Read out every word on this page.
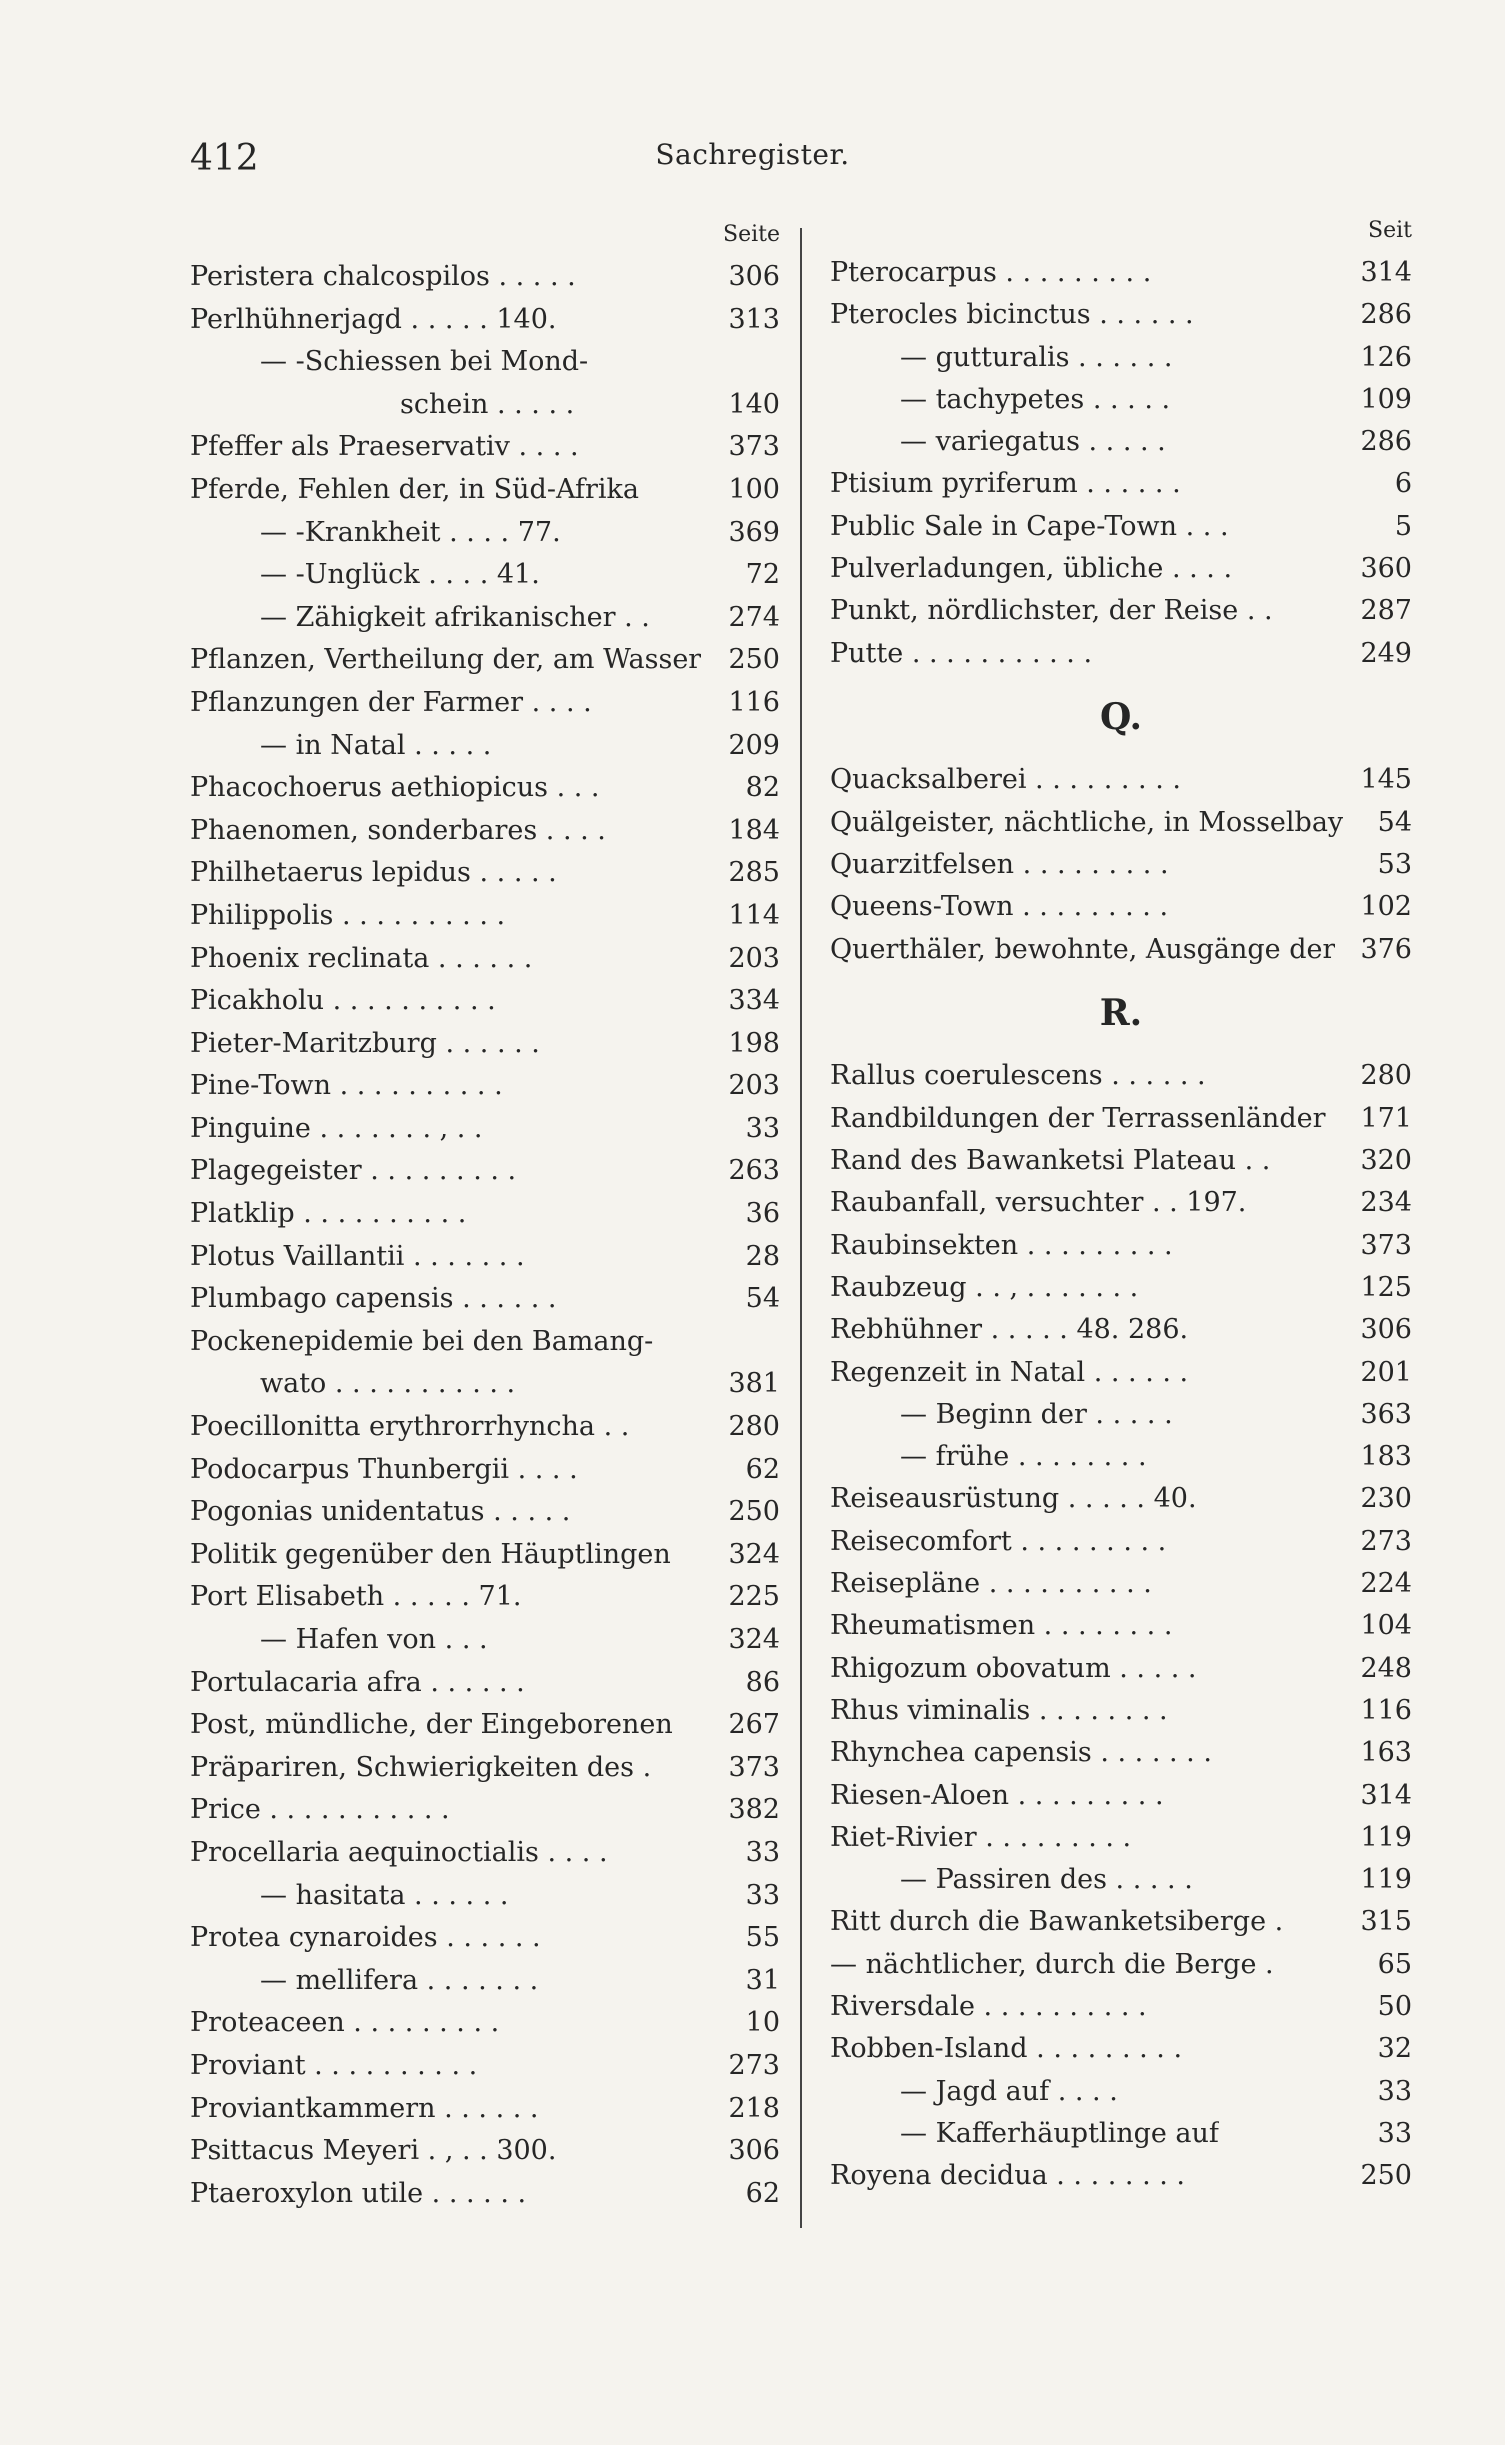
412	Sachregister.
Seite
Peristera chalcospilos . . . . .	306
Perlhühnerjagd . . . . . 140.	313
— -Schiessen bei Mond-
schein . . . . .	140
Pfeffer als Praeservativ . . . .	373
Pferde, Fehlen der, in Süd-Afrika	100
— -Krankheit . . . . 77.	369
— -Unglück . . . . 41.	72
— Zähigkeit afrikanischer . .	274
Pflanzen, Vertheilung der, am Wasser 250
Pflanzungen der Farmer . . . .	116
— in Natal . . . . .	209
Phacochoerus aethiopicus . . .	82
Phaenomen, sonderbares . . . .	184
Philhetaerus lepidus . . . . .	285
Philippolis . . . . . . . . . .	114
Phoenix reclinata . . . . . .	203
Picakholu . . . . . . . . . .	334
Pieter-Maritzburg . . . . . .	198
Pine-Town . . . . . . . . . .	203
Pinguine . . . . . . . , . .	33
Plagegeister . . . . . . . . .	263
Platklip . . . . . . . . . .	36
Plotus Vaillantii . . . . . . .	28
Plumbago capensis . . . . . .	54
Pockenepidemie bei den Bamang-
wato . . . . . . . . . . .	381
Poecillonitta erythrorrhyncha . .	280
Podocarpus Thunbergii . . . .	62
Pogonias unidentatus . . . . .	250
Politik gegenüber den Häuptlingen 324
Port Elisabeth . . . . . 71.	225
— Hafen von . . .	324
Portulacaria afra . . . . . .	86
Post, mündliche, der Eingeborenen 267
Präpariren, Schwierigkeiten des .	373
Price . . . . . . . . . . .	382
Procellaria aequinoctialis . . . .	33
— hasitata . . . . . .	33
Protea cynaroides . . . . . .	55
— mellifera . . . . . . .	31
Proteaceen . . . . . . . . .	10
Proviant . . . . . . . . . .	273
Proviantkammern . . . . . .	218
Psittacus Meyeri . , . . 300.	306
Ptaeroxylon utile . . . . . .	62
Seit
Pterocarpus . . . . . . . . .	314
Pterocles bicinctus . . . . . .	286
— gutturalis . . . . . .	126
— tachypetes . . . . .	109
— variegatus . . . . .	286
Ptisium pyriferum . . . . . .	6
Public Sale in Cape-Town . . .	5
Pulverladungen, übliche . . . .	360
Punkt, nördlichster, der Reise . .	287
Putte . . . . . . . . . . .	249
Q.
Quacksalberei . . . . . . . . .	145
Quälgeister, nächtliche, in Mosselbay 54
Quarzitfelsen . . . . . . . . .	53
Queens-Town . . . . . . . . .	102
Querthäler, bewohnte, Ausgänge der 376
R.
Rallus coerulescens . . . . . .	280
Randbildungen der Terrassenländer 171
Rand des Bawanketsi Plateau . .	320
Raubanfall, versuchter . . 197.	234
Raubinsekten . . . . . . . . .	373
Raubzeug . . , . . . . . . .	125
Rebhühner . . . . . 48. 286.	306
Regenzeit in Natal . . . . . .	201
— Beginn der . . . . .	363
— frühe . . . . . . . .	183
Reiseausrüstung . . . . . 40.	230
Reisecomfort . . . . . . . . .	273
Reisepläne . . . . . . . . . .	224
Rheumatismen . . . . . . . .	104
Rhigozum obovatum . . . . .	248
Rhus viminalis . . . . . . . .	116
Rhynchea capensis . . . . . . .	163
Riesen-Aloen . . . . . . . . .	314
Riet-Rivier . . . . . . . . .	119
— Passiren des . . . . .	119
Ritt durch die Bawanketsiberge .	315
— nächtlicher, durch die Berge .	65
Riversdale . . . . . . . . . .	50
Robben-Island . . . . . . . . .	32
— Jagd auf . . . .	33
— Kafferhäuptlinge auf	33
Royena decidua . . . . . . . .	250
